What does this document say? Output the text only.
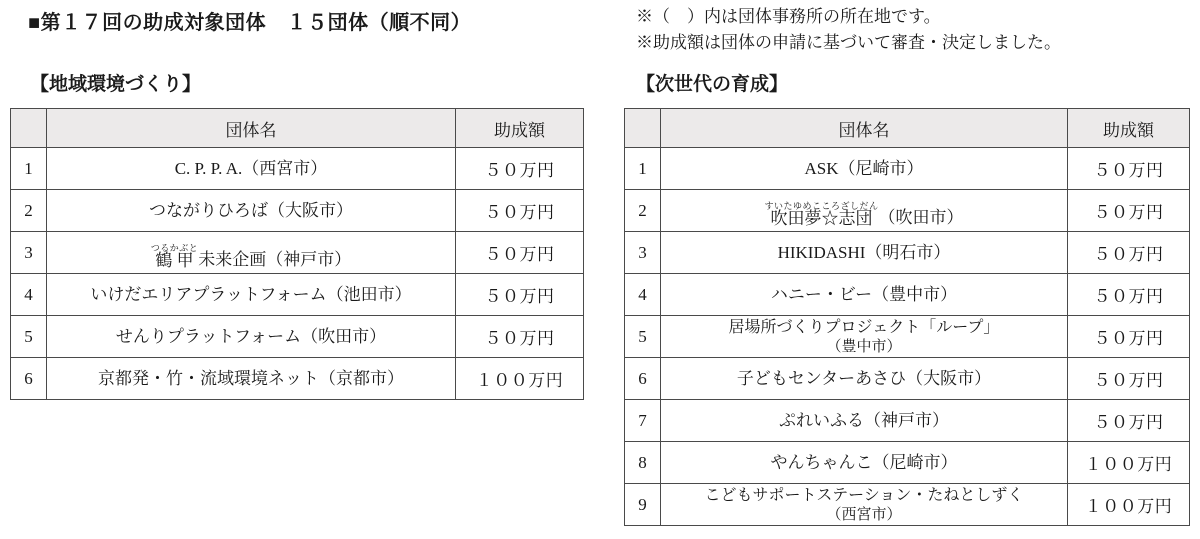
■第１７回の助成対象団体　１５団体（順不同）	※（　）内は団体事務所の所在地です。
※助成額は団体の申請に基づいて審査・決定しました。
【地域環境づくり】	【次世代の育成】
	団体名	助成額
1	C. P. P. A.（西宮市）	５０万円
2	つながりひろば（大阪市）	５０万円
3	つるかぶと
鶴 甲 未来企画（神戸市）	５０万円
4	いけだエリアプラットフォーム（池田市）	５０万円
5	せんりプラットフォーム（吹田市）	５０万円
6	京都発・竹・流域環境ネット（京都市）	１００万円
	団体名	助成額
1	ASK（尼崎市）	５０万円
2	すいたゆめこころざしだん
吹田夢☆志団 （吹田市）	５０万円
3	HIKIDASHI（明石市）	５０万円
4	ハニー・ビー（豊中市）	５０万円
5	居場所づくりプロジェクト「ループ」
（豊中市）	５０万円
6	子どもセンターあさひ（大阪市）	５０万円
7	ぷれいふる（神戸市）	５０万円
8	やんちゃんこ（尼崎市）	１００万円
9	こどもサポートステーション・たねとしずく
（西宮市）	１００万円
